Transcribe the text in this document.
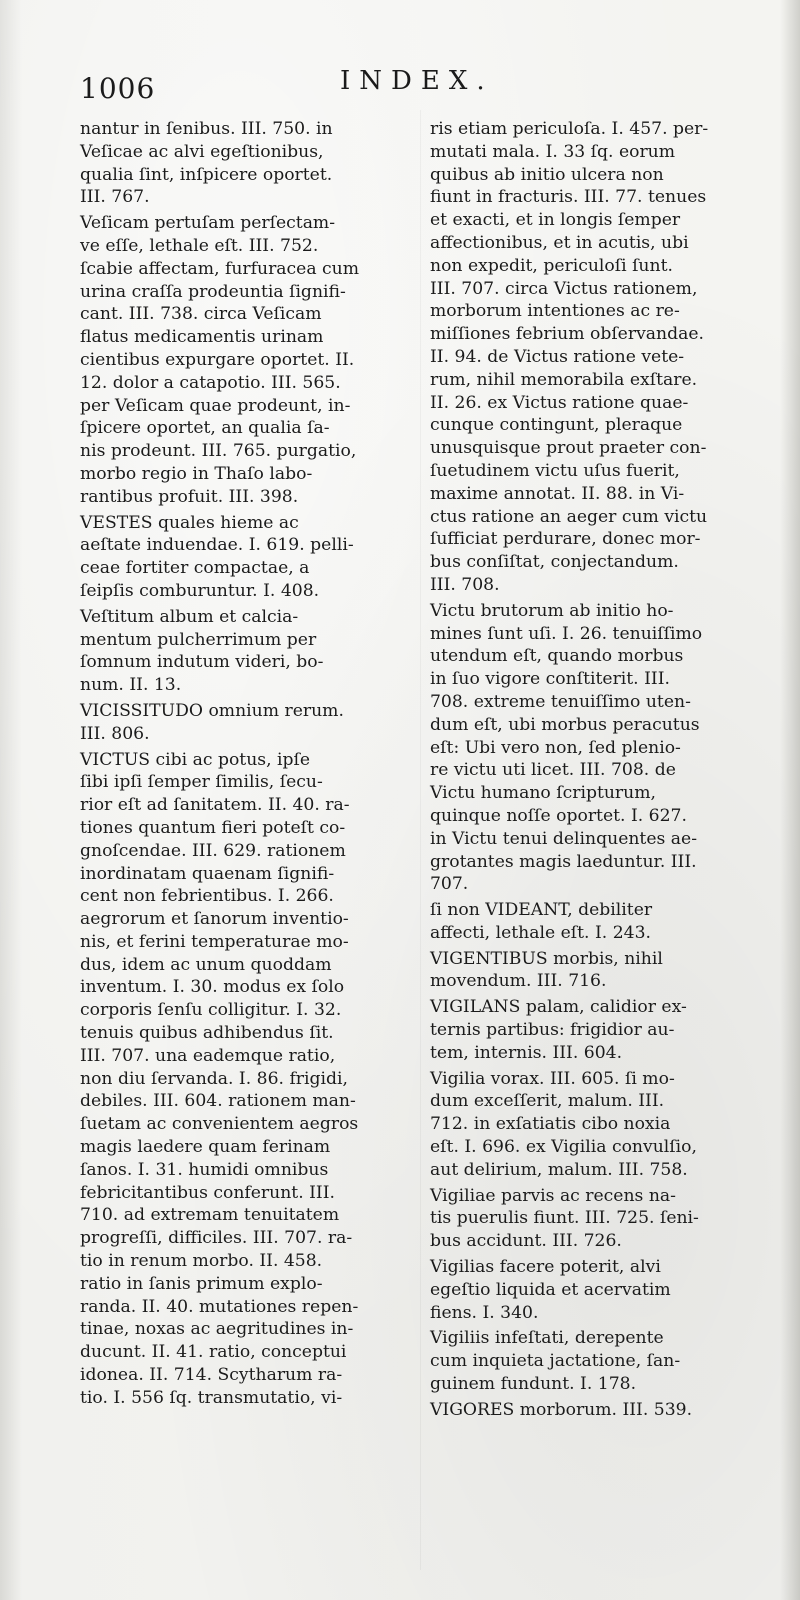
1006	INDEX.
nantur in ſenibus. III. 750. in
Veſicae ac alvi egeſtionibus,
qualia ſint, inſpicere oportet.
III. 767.
Veſicam pertuſam perſectam-
ve eſſe, lethale eſt. III. 752.
ſcabie affectam, furfuracea cum
urina craſſa prodeuntia ſignifi-
cant. III. 738. circa Veſicam
flatus medicamentis urinam
cientibus expurgare oportet. II.
12. dolor a catapotio. III. 565.
per Veſicam quae prodeunt, in-
ſpicere oportet, an qualia ſa-
nis prodeunt. III. 765. purgatio,
morbo regio in Thaſo labo-
rantibus profuit. III. 398.
VESTES quales hieme ac
aeſtate induendae. I. 619. pelli-
ceae fortiter compactae, a
ſeipſis comburuntur. I. 408.
Veſtitum album et calcia-
mentum pulcherrimum per
ſomnum indutum videri, bo-
num. II. 13.
VICISSITUDO omnium rerum.
III. 806.
VICTUS cibi ac potus, ipſe
ſibi ipſi ſemper ſimilis, ſecu-
rior eſt ad ſanitatem. II. 40. ra-
tiones quantum fieri poteſt co-
gnoſcendae. III. 629. rationem
inordinatam quaenam ſignifi-
cent non febrientibus. I. 266.
aegrorum et ſanorum inventio-
nis, et ferini temperaturae mo-
dus, idem ac unum quoddam
inventum. I. 30. modus ex ſolo
corporis ſenſu colligitur. I. 32.
tenuis quibus adhibendus ſit.
III. 707. una eademque ratio,
non diu ſervanda. I. 86. frigidi,
debiles. III. 604. rationem man-
ſuetam ac convenientem aegros
magis laedere quam ferinam
ſanos. I. 31. humidi omnibus
febricitantibus conferunt. III.
710. ad extremam tenuitatem
progreſſi, difficiles. III. 707. ra-
tio in renum morbo. II. 458.
ratio in ſanis primum explo-
randa. II. 40. mutationes repen-
tinae, noxas ac aegritudines in-
ducunt. II. 41. ratio, conceptui
idonea. II. 714. Scytharum ra-
tio. I. 556 ſq. transmutatio, vi-
ris etiam periculoſa. I. 457. per-
mutati mala. I. 33 ſq. eorum
quibus ab initio ulcera non
fiunt in fracturis. III. 77. tenues
et exacti, et in longis ſemper
affectionibus, et in acutis, ubi
non expedit, periculoſi ſunt.
III. 707. circa Victus rationem,
morborum intentiones ac re-
miſſiones febrium obſervandae.
II. 94. de Victus ratione vete-
rum, nihil memorabila exſtare.
II. 26. ex Victus ratione quae-
cunque contingunt, pleraque
unusquisque prout praeter con-
ſuetudinem victu uſus fuerit,
maxime annotat. II. 88. in Vi-
ctus ratione an aeger cum victu
ſufficiat perdurare, donec mor-
bus conſiſtat, conjectandum.
III. 708.
Victu brutorum ab initio ho-
mines ſunt uſi. I. 26. tenuiſſimo
utendum eſt, quando morbus
in ſuo vigore conſtiterit. III.
708. extreme tenuiſſimo uten-
dum eſt, ubi morbus peracutus
eſt: Ubi vero non, ſed plenio-
re victu uti licet. III. 708. de
Victu humano ſcripturum,
quinque noſſe oportet. I. 627.
in Victu tenui delinquentes ae-
grotantes magis laeduntur. III.
707.
ſi non VIDEANT, debiliter
affecti, lethale eſt. I. 243.
VIGENTIBUS morbis, nihil
movendum. III. 716.
VIGILANS palam, calidior ex-
ternis partibus: frigidior au-
tem, internis. III. 604.
Vigilia vorax. III. 605. ſi mo-
dum exceſſerit, malum. III.
712. in exſatiatis cibo noxia
eſt. I. 696. ex Vigilia convulſio,
aut delirium, malum. III. 758.
Vigiliae parvis ac recens na-
tis puerulis fiunt. III. 725. ſeni-
bus accidunt. III. 726.
Vigilias facere poterit, alvi
egeſtio liquida et acervatim
fiens. I. 340.
Vigiliis infeſtati, derepente
cum inquieta jactatione, ſan-
guinem fundunt. I. 178.
VIGORES morborum. III. 539.
